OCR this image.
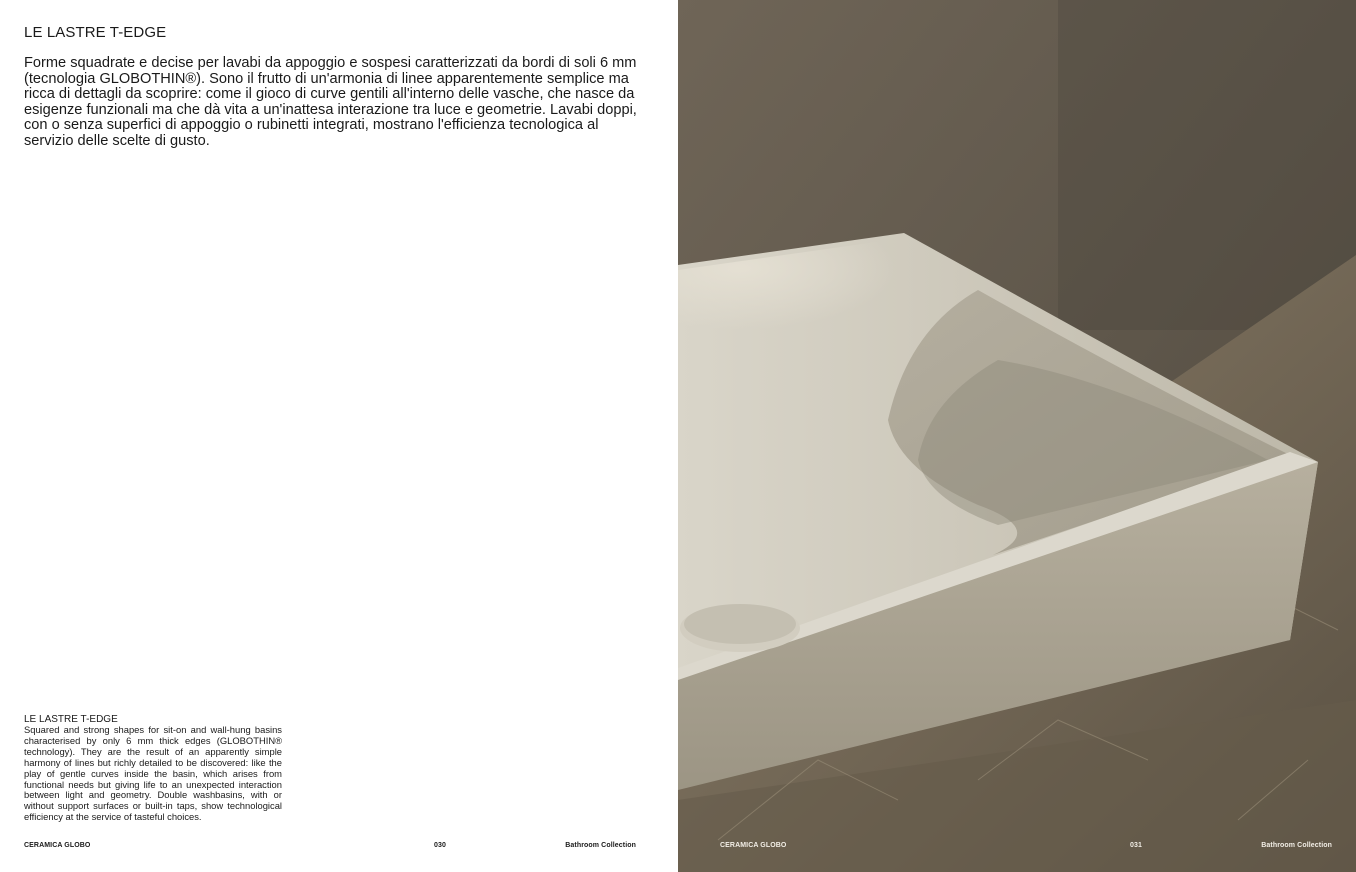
LE LASTRE T-EDGE

Forme squadrate e decise per lavabi da appoggio e sospesi caratterizzati da bordi di soli 6 mm (tecnologia GLOBOTHIN®). Sono il frutto di un'armonia di linee apparentemente semplice ma ricca di dettagli da scoprire: come il gioco di curve gentili all'interno delle vasche, che nasce da esigenze funzionali ma che dà vita a un'inattesa interazione tra luce e geometrie. Lavabi doppi, con o senza superfici di appoggio o rubinetti integrati, mostrano l'efficienza tecnologica al servizio delle scelte di gusto.

LE LASTRE T-EDGE

Squared and strong shapes for sit-on and wall-hung basins characterised by only 6 mm thick edges (GLOBOTHIN® technology). They are the result of an apparently simple harmony of lines but richly detailed to be discovered: like the play of gentle curves inside the basin, which arises from functional needs but giving life to an unexpected interaction between light and geometry. Double washbasins, with or without support surfaces or built-in taps, show technological efficiency at the service of tasteful choices.

CERAMICA GLOBO	030	Bathroom Collection	CERAMICA GLOBO	031	Bathroom Collection
